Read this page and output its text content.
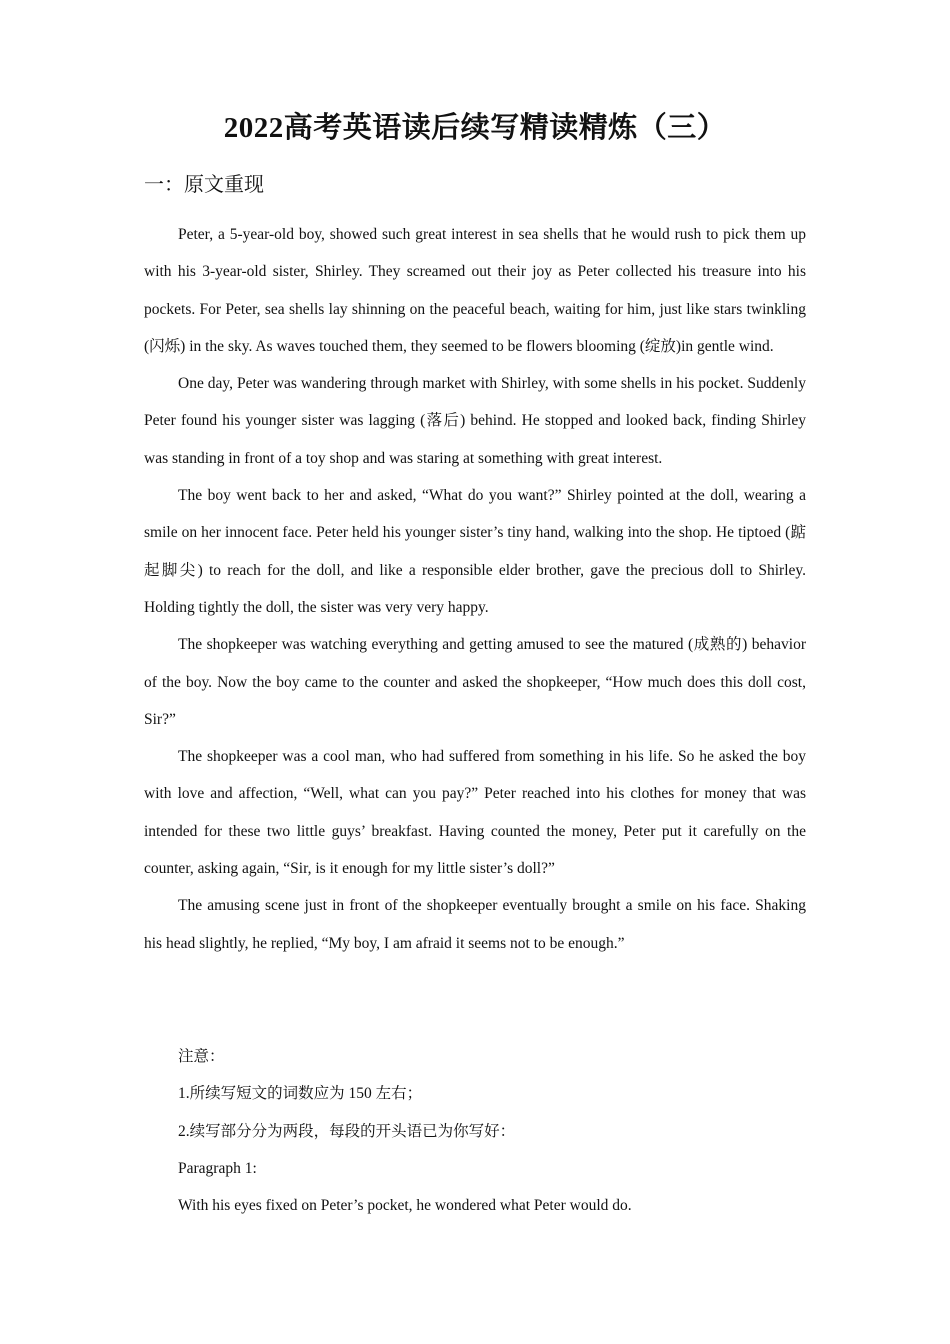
2022高考英语读后续写精读精炼（三）
一：原文重现

Peter, a 5-year-old boy, showed such great interest in sea shells that he would rush to pick them up with his 3-year-old sister, Shirley. They screamed out their joy as Peter collected his treasure into his pockets. For Peter, sea shells lay shinning on the peaceful beach, waiting for him, just like stars twinkling (闪烁) in the sky. As waves touched them, they seemed to be flowers blooming (绽放)in gentle wind.

One day, Peter was wandering through market with Shirley, with some shells in his pocket. Suddenly Peter found his younger sister was lagging (落后) behind. He stopped and looked back, finding Shirley was standing in front of a toy shop and was staring at something with great interest.

The boy went back to her and asked, “What do you want?” Shirley pointed at the doll, wearing a smile on her innocent face. Peter held his younger sister’s tiny hand, walking into the shop. He tiptoed (踮起脚尖) to reach for the doll, and like a responsible elder brother, gave the precious doll to Shirley. Holding tightly the doll, the sister was very very happy.

The shopkeeper was watching everything and getting amused to see the matured (成熟的) behavior of the boy. Now the boy came to the counter and asked the shopkeeper, “How much does this doll cost, Sir?”

The shopkeeper was a cool man, who had suffered from something in his life. So he asked the boy with love and affection, “Well, what can you pay?” Peter reached into his clothes for money that was intended for these two little guys’ breakfast. Having counted the money, Peter put it carefully on the counter, asking again, “Sir, is it enough for my little sister’s doll?”

The amusing scene just in front of the shopkeeper eventually brought a smile on his face. Shaking his head slightly, he replied, “My boy, I am afraid it seems not to be enough.”

注意：

1.所续写短文的词数应为 150 左右；

2.续写部分分为两段，每段的开头语已为你写好：

Paragraph 1:

With his eyes fixed on Peter’s pocket, he wondered what Peter would do.
